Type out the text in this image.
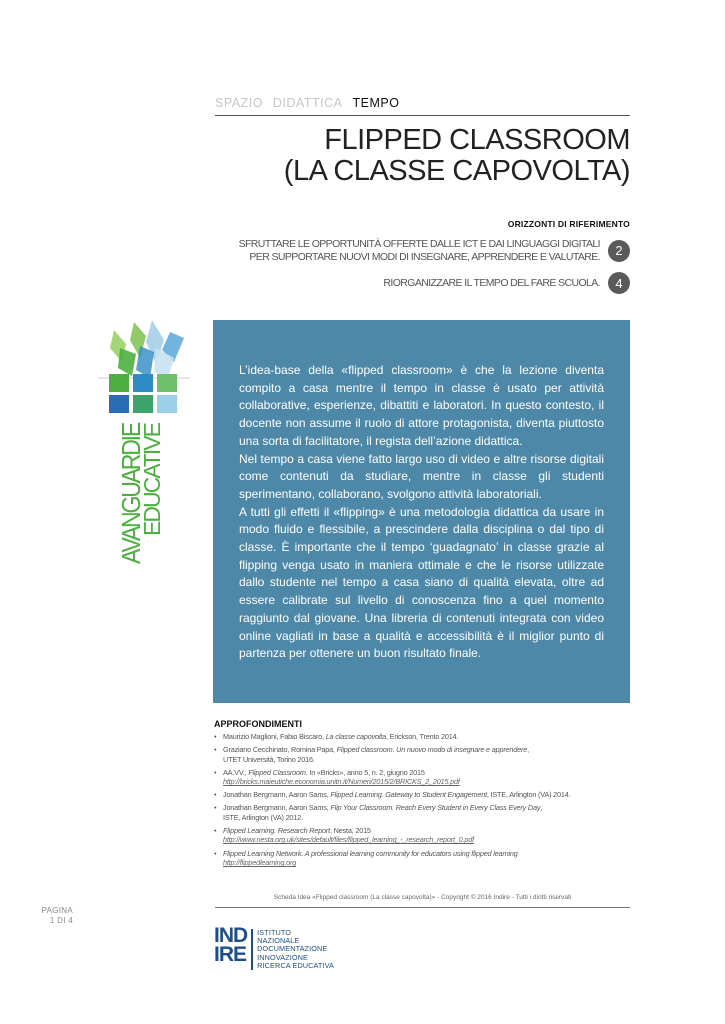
SPAZIO DIDATTICA TEMPO
FLIPPED CLASSROOM
(LA CLASSE CAPOVOLTA)
ORIZZONTI DI RIFERIMENTO
SFRUTTARE LE OPPORTUNITÀ OFFERTE DALLE ICT E DAI LINGUAGGI DIGITALI
PER SUPPORTARE NUOVI MODI DI INSEGNARE, APPRENDERE E VALUTARE.	2
RIORGANIZZARE IL TEMPO DEL FARE SCUOLA.	4
AVANGUARDIE
EDUCATIVE

L’idea-base della «flipped classroom» è che la lezione diventa compito a casa mentre il tempo in classe è usato per attività collaborative, esperienze, dibattiti e laboratori. In questo contesto, il docente non assume il ruolo di attore protagonista, diventa piuttosto una sorta di facilitatore, il regista dell’azione didattica.

Nel tempo a casa viene fatto largo uso di video e altre risorse digitali come contenuti da studiare, mentre in classe gli studenti sperimentano, collaborano, svolgono attività laboratoriali.

A tutti gli effetti il «flipping» è una metodologia didattica da usare in modo fluido e flessibile, a prescindere dalla disciplina o dal tipo di classe. È importante che il tempo ‘guadagnato’ in classe grazie al flipping venga usato in maniera ottimale e che le risorse utilizzate dallo studente nel tempo a casa siano di qualità elevata, oltre ad essere calibrate sul livello di conoscenza fino a quel momento raggiunto dal giovane. Una libreria di contenuti integrata con video online vagliati in base a qualità e accessibilità è il miglior punto di partenza per ottenere un buon risultato finale.

APPROFONDIMENTI
• Maurizio Maglioni, Fabio Biscaro, La classe capovolta, Erickson, Trento 2014.
• Graziano Cecchinato, Romina Papa, Flipped classroom. Un nuovo modo di insegnare e apprendere,
UTET Università, Torino 2016.
• AA.VV., Flipped Classroom. In «Bricks», anno 5, n. 2, giugno 2015
http://bricks.maieutiche.economia.unitn.it/Numeri/2015/2/BRICKS_2_2015.pdf
• Jonathan Bergmann, Aaron Sams, Flipped Learning. Gateway to Student Engagement, ISTE, Arlington (VA) 2014.
• Jonathan Bergmann, Aaron Sams, Flip Your Classroom. Reach Every Student in Every Class Every Day,
ISTE, Arlington (VA) 2012.
• Flipped Learning. Research Report, Nesta, 2015
http://www.nesta.org.uk/sites/default/files/flipped_learning_-_research_report_0.pdf
• Flipped Learning Network. A professional learning community for educators using flipped learning
http://flippedlearning.org
Scheda Idea «Flipped classroom (La classe capovolta)» - Copyright © 2016 Indire - Tutti i diritti riservati
PAGINA
1 DI 4
IND
IRE
ISTITUTO
NAZIONALE
DOCUMENTAZIONE
INNOVAZIONE
RICERCA EDUCATIVA
